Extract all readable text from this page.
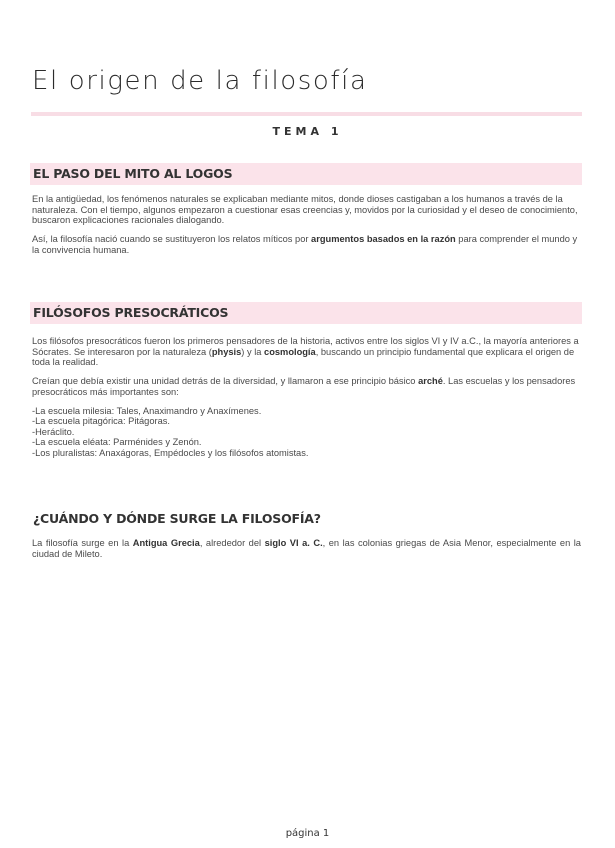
El origen de la filosofía
TEMA 1
EL PASO DEL MITO AL LOGOS

En la antigüedad, los fenómenos naturales se explicaban mediante mitos, donde dioses castigaban a los humanos a través de la naturaleza. Con el tiempo, algunos empezaron a cuestionar esas creencias y, movidos por la curiosidad y el deseo de conocimiento, buscaron explicaciones racionales dialogando.

Así, la filosofía nació cuando se sustituyeron los relatos míticos por argumentos basados en la razón para comprender el mundo y la convivencia humana.

FILÓSOFOS PRESOCRÁTICOS

Los filósofos presocráticos fueron los primeros pensadores de la historia, activos entre los siglos VI y IV a.C., la mayoría anteriores a Sócrates. Se interesaron por la naturaleza (physis) y la cosmología, buscando un principio fundamental que explicara el origen de toda la realidad.

Creían que debía existir una unidad detrás de la diversidad, y llamaron a ese principio básico arché. Las escuelas y los pensadores presocráticos más importantes son:

-La escuela milesia: Tales, Anaximandro y Anaxímenes.
-La escuela pitagórica: Pitágoras.
-Heráclito.
-La escuela eléata: Parménides y Zenón.
-Los pluralistas: Anaxágoras, Empédocles y los filósofos atomistas.
¿CUÁNDO Y DÓNDE SURGE LA FILOSOFÍA?

La filosofía surge en la Antigua Grecia, alrededor del siglo VI a. C., en las colonias griegas de Asia Menor, especialmente en la ciudad de Mileto.

página 1
